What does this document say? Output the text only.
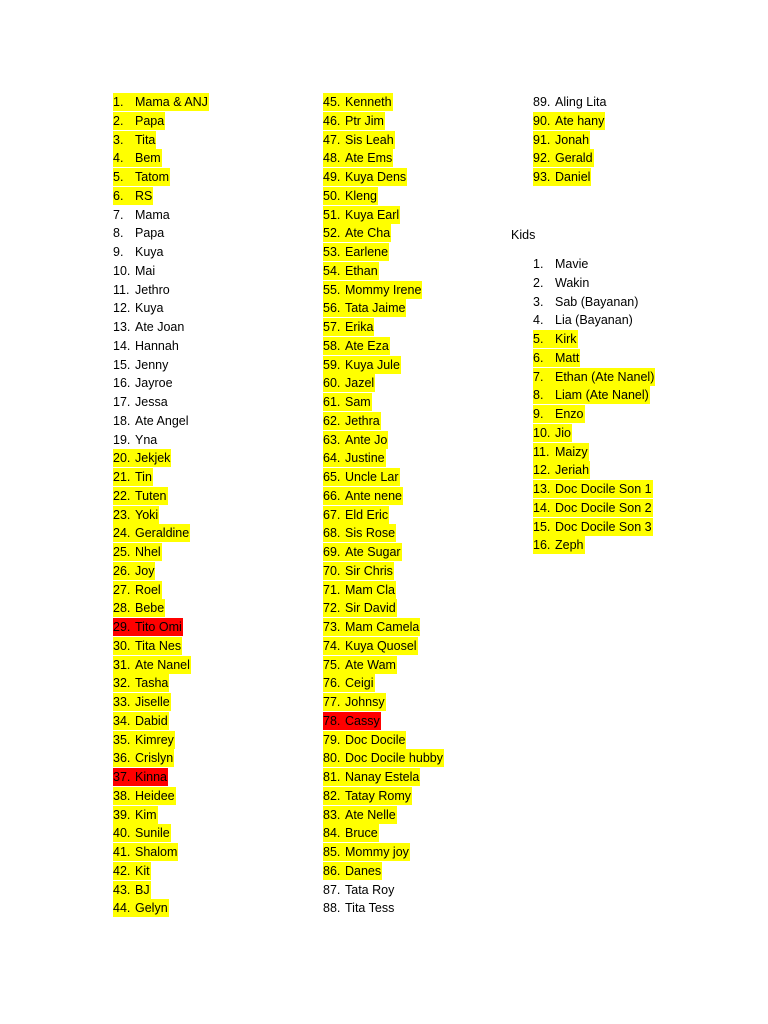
1. Mama & ANJ
2. Papa
3. Tita
4. Bem
5. Tatom
6. RS
7. Mama
8. Papa
9. Kuya
10. Mai
11. Jethro
12. Kuya
13. Ate Joan
14. Hannah
15. Jenny
16. Jayroe
17. Jessa
18. Ate Angel
19. Yna
20. Jekjek
21. Tin
22. Tuten
23. Yoki
24. Geraldine
25. Nhel
26. Joy
27. Roel
28. Bebe
29. Tito Omi
30. Tita Nes
31. Ate Nanel
32. Tasha
33. Jiselle
34. Dabid
35. Kimrey
36. Crislyn
37. Kinna
38. Heidee
39. Kim
40. Sunile
41. Shalom
42. Kit
43. BJ
44. Gelyn
45. Kenneth
46. Ptr Jim
47. Sis Leah
48. Ate Ems
49. Kuya Dens
50. Kleng
51. Kuya Earl
52. Ate Cha
53. Earlene
54. Ethan
55. Mommy Irene
56. Tata Jaime
57. Erika
58. Ate Eza
59. Kuya Jule
60. Jazel
61. Sam
62. Jethra
63. Ante Jo
64. Justine
65. Uncle Lar
66. Ante nene
67. Eld Eric
68. Sis Rose
69. Ate Sugar
70. Sir Chris
71. Mam Cla
72. Sir David
73. Mam Camela
74. Kuya Quosel
75. Ate Wam
76. Ceigi
77. Johnsy
78. Cassy
79. Doc Docile
80. Doc Docile hubby
81. Nanay Estela
82. Tatay Romy
83. Ate Nelle
84. Bruce
85. Mommy joy
86. Danes
87. Tata Roy
88. Tita Tess
89. Aling Lita
90. Ate hany
91. Jonah
92. Gerald
93. Daniel
Kids
1. Mavie
2. Wakin
3. Sab (Bayanan)
4. Lia (Bayanan)
5. Kirk
6. Matt
7. Ethan (Ate Nanel)
8. Liam (Ate Nanel)
9. Enzo
10. Jio
11. Maizy
12. Jeriah
13. Doc Docile Son 1
14. Doc Docile Son 2
15. Doc Docile Son 3
16. Zeph
